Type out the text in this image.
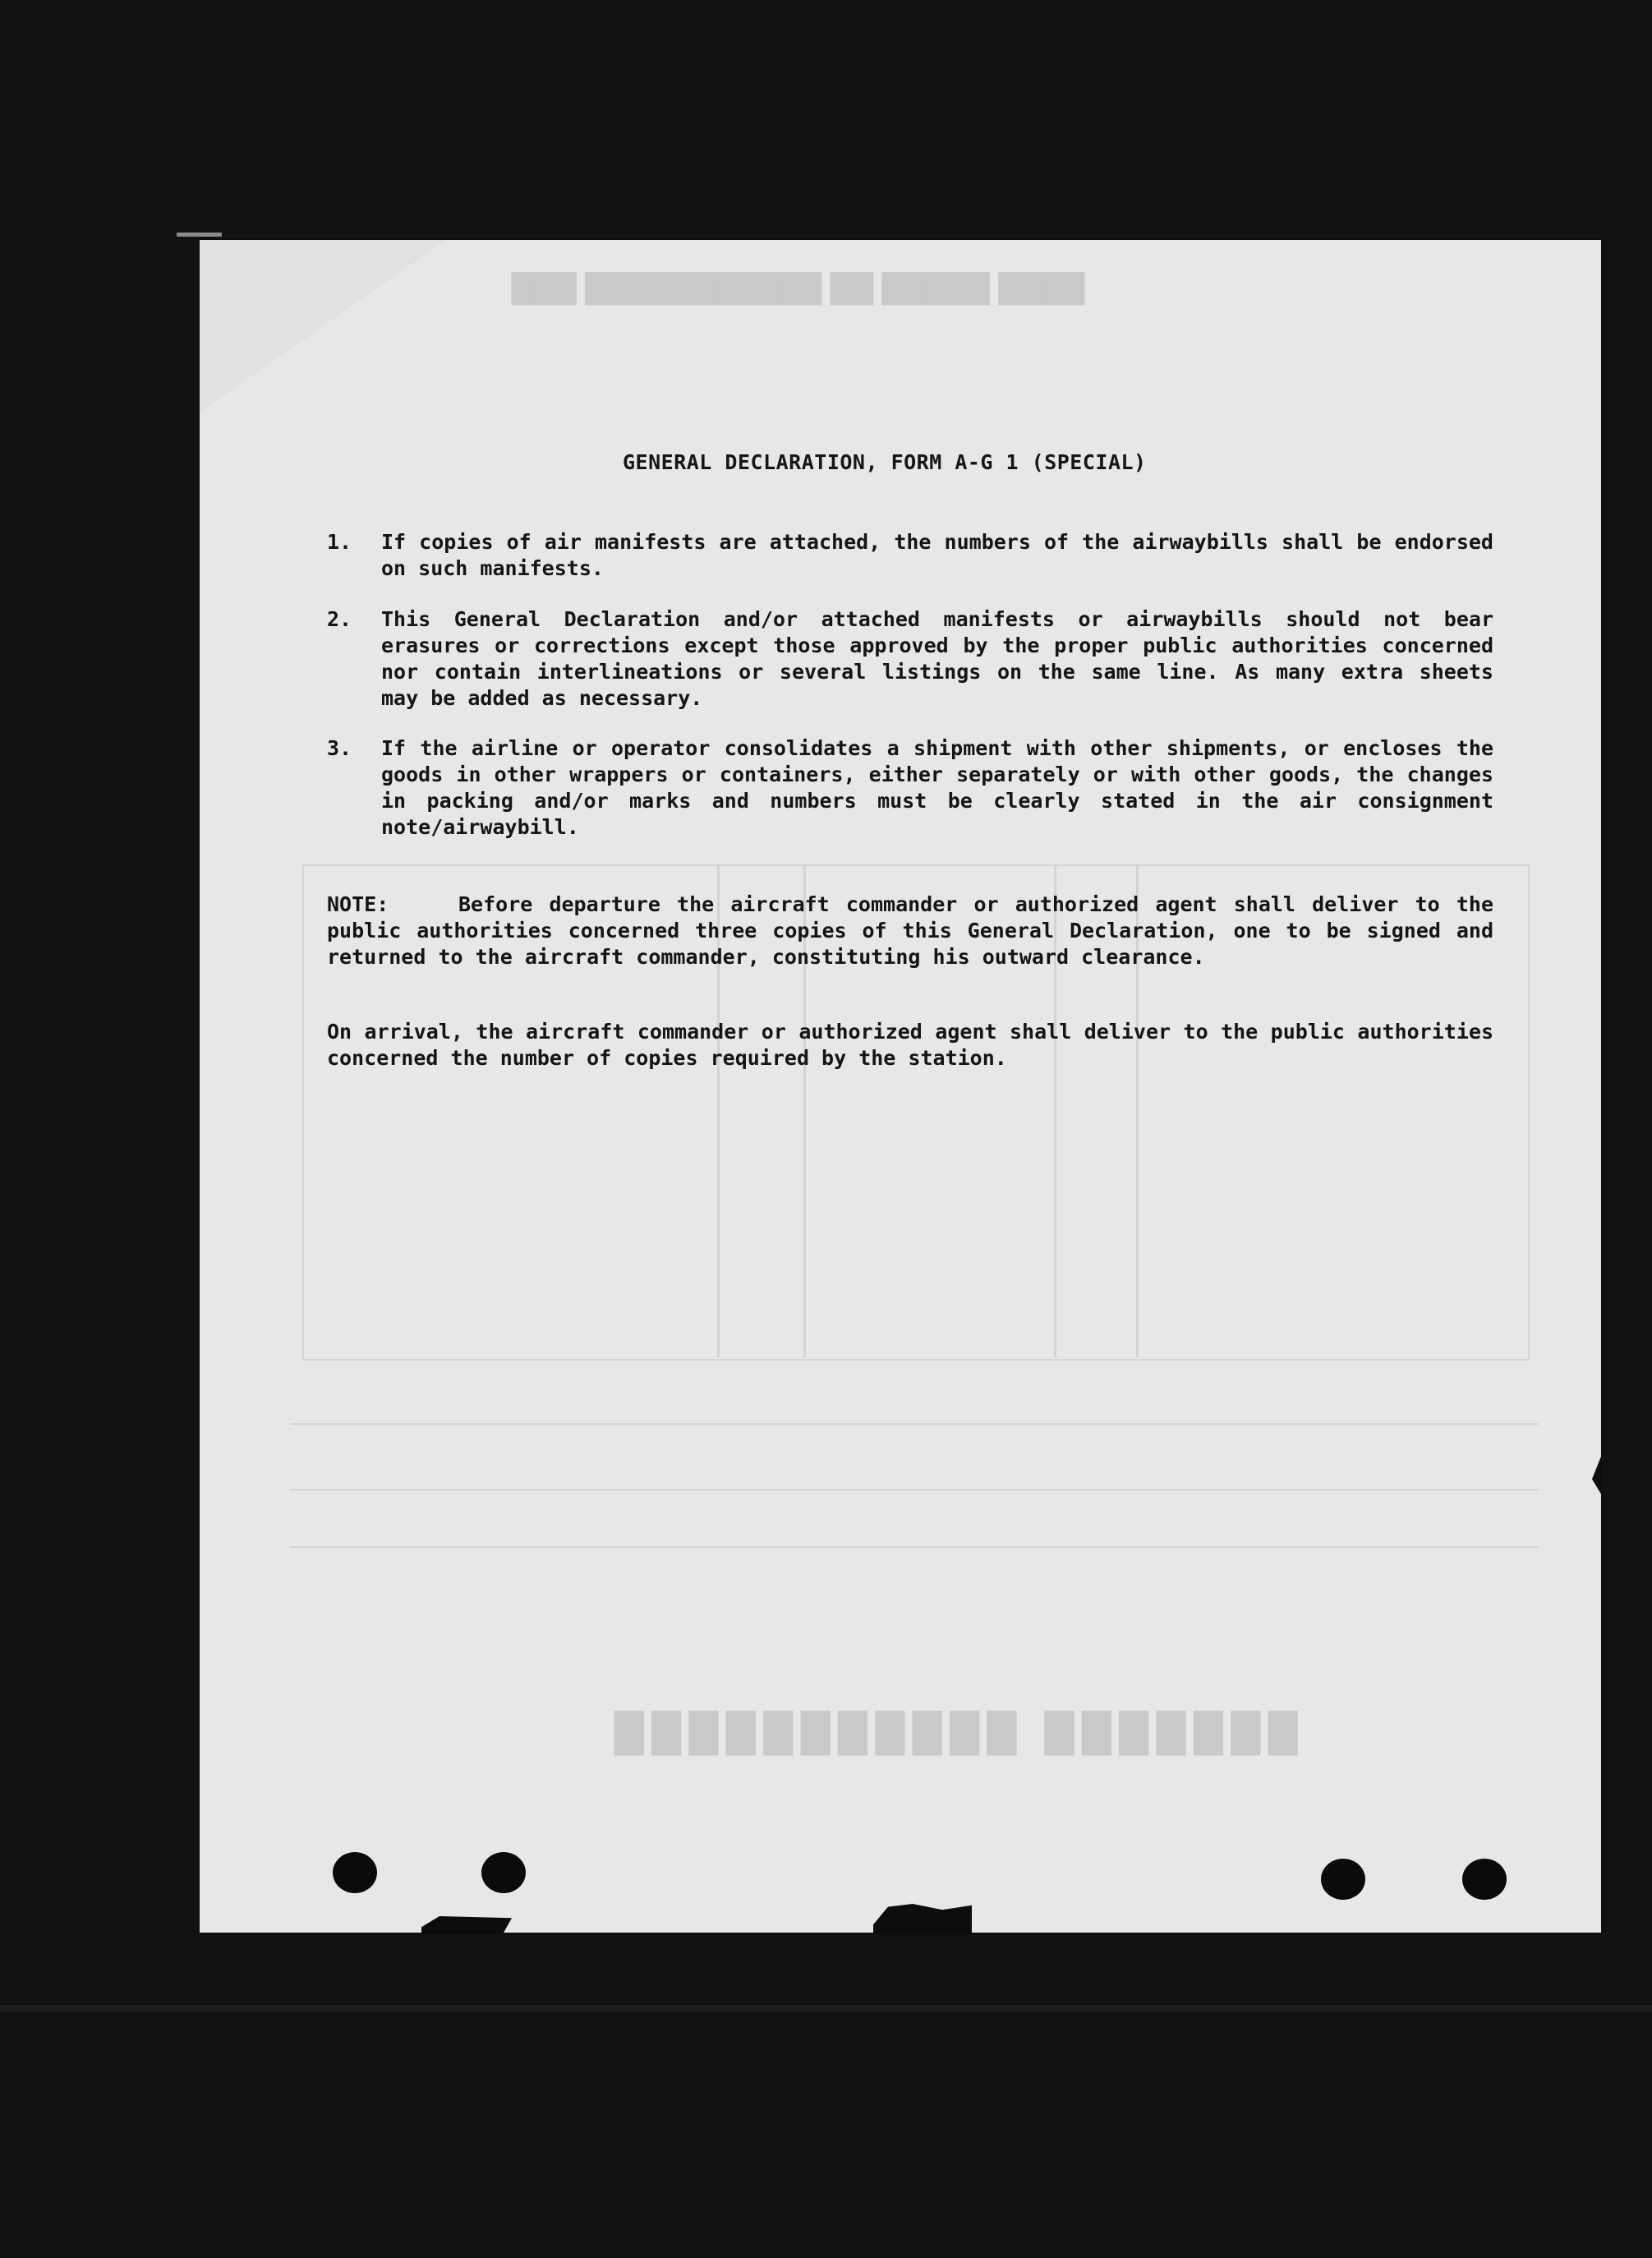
████ █████ ██ ███████████ ███
███████ ███████████
GENERAL DECLARATION, FORM A-G 1 (SPECIAL)
1. If copies of air manifests are attached, the numbers of the airwaybills shall be endorsed on such manifests.
2. This General Declaration and/or attached manifests or airwaybills should not bear erasures or corrections except those approved by the proper public authorities concerned nor contain interlineations or several listings on the same line. As many extra sheets may be added as necessary.
3. If the airline or operator consolidates a shipment with other shipments, or encloses the goods in other wrappers or containers, either separately or with other goods, the changes in packing and/or marks and numbers must be clearly stated in the air consignment note/airwaybill.
NOTE:	Before departure the aircraft commander or authorized agent shall deliver to the public authorities concerned three copies of this General Declaration, one to be signed and returned to the aircraft commander, constituting his outward clearance.
On arrival, the aircraft commander or authorized agent shall deliver to the public authorities concerned the number of copies required by the station.
